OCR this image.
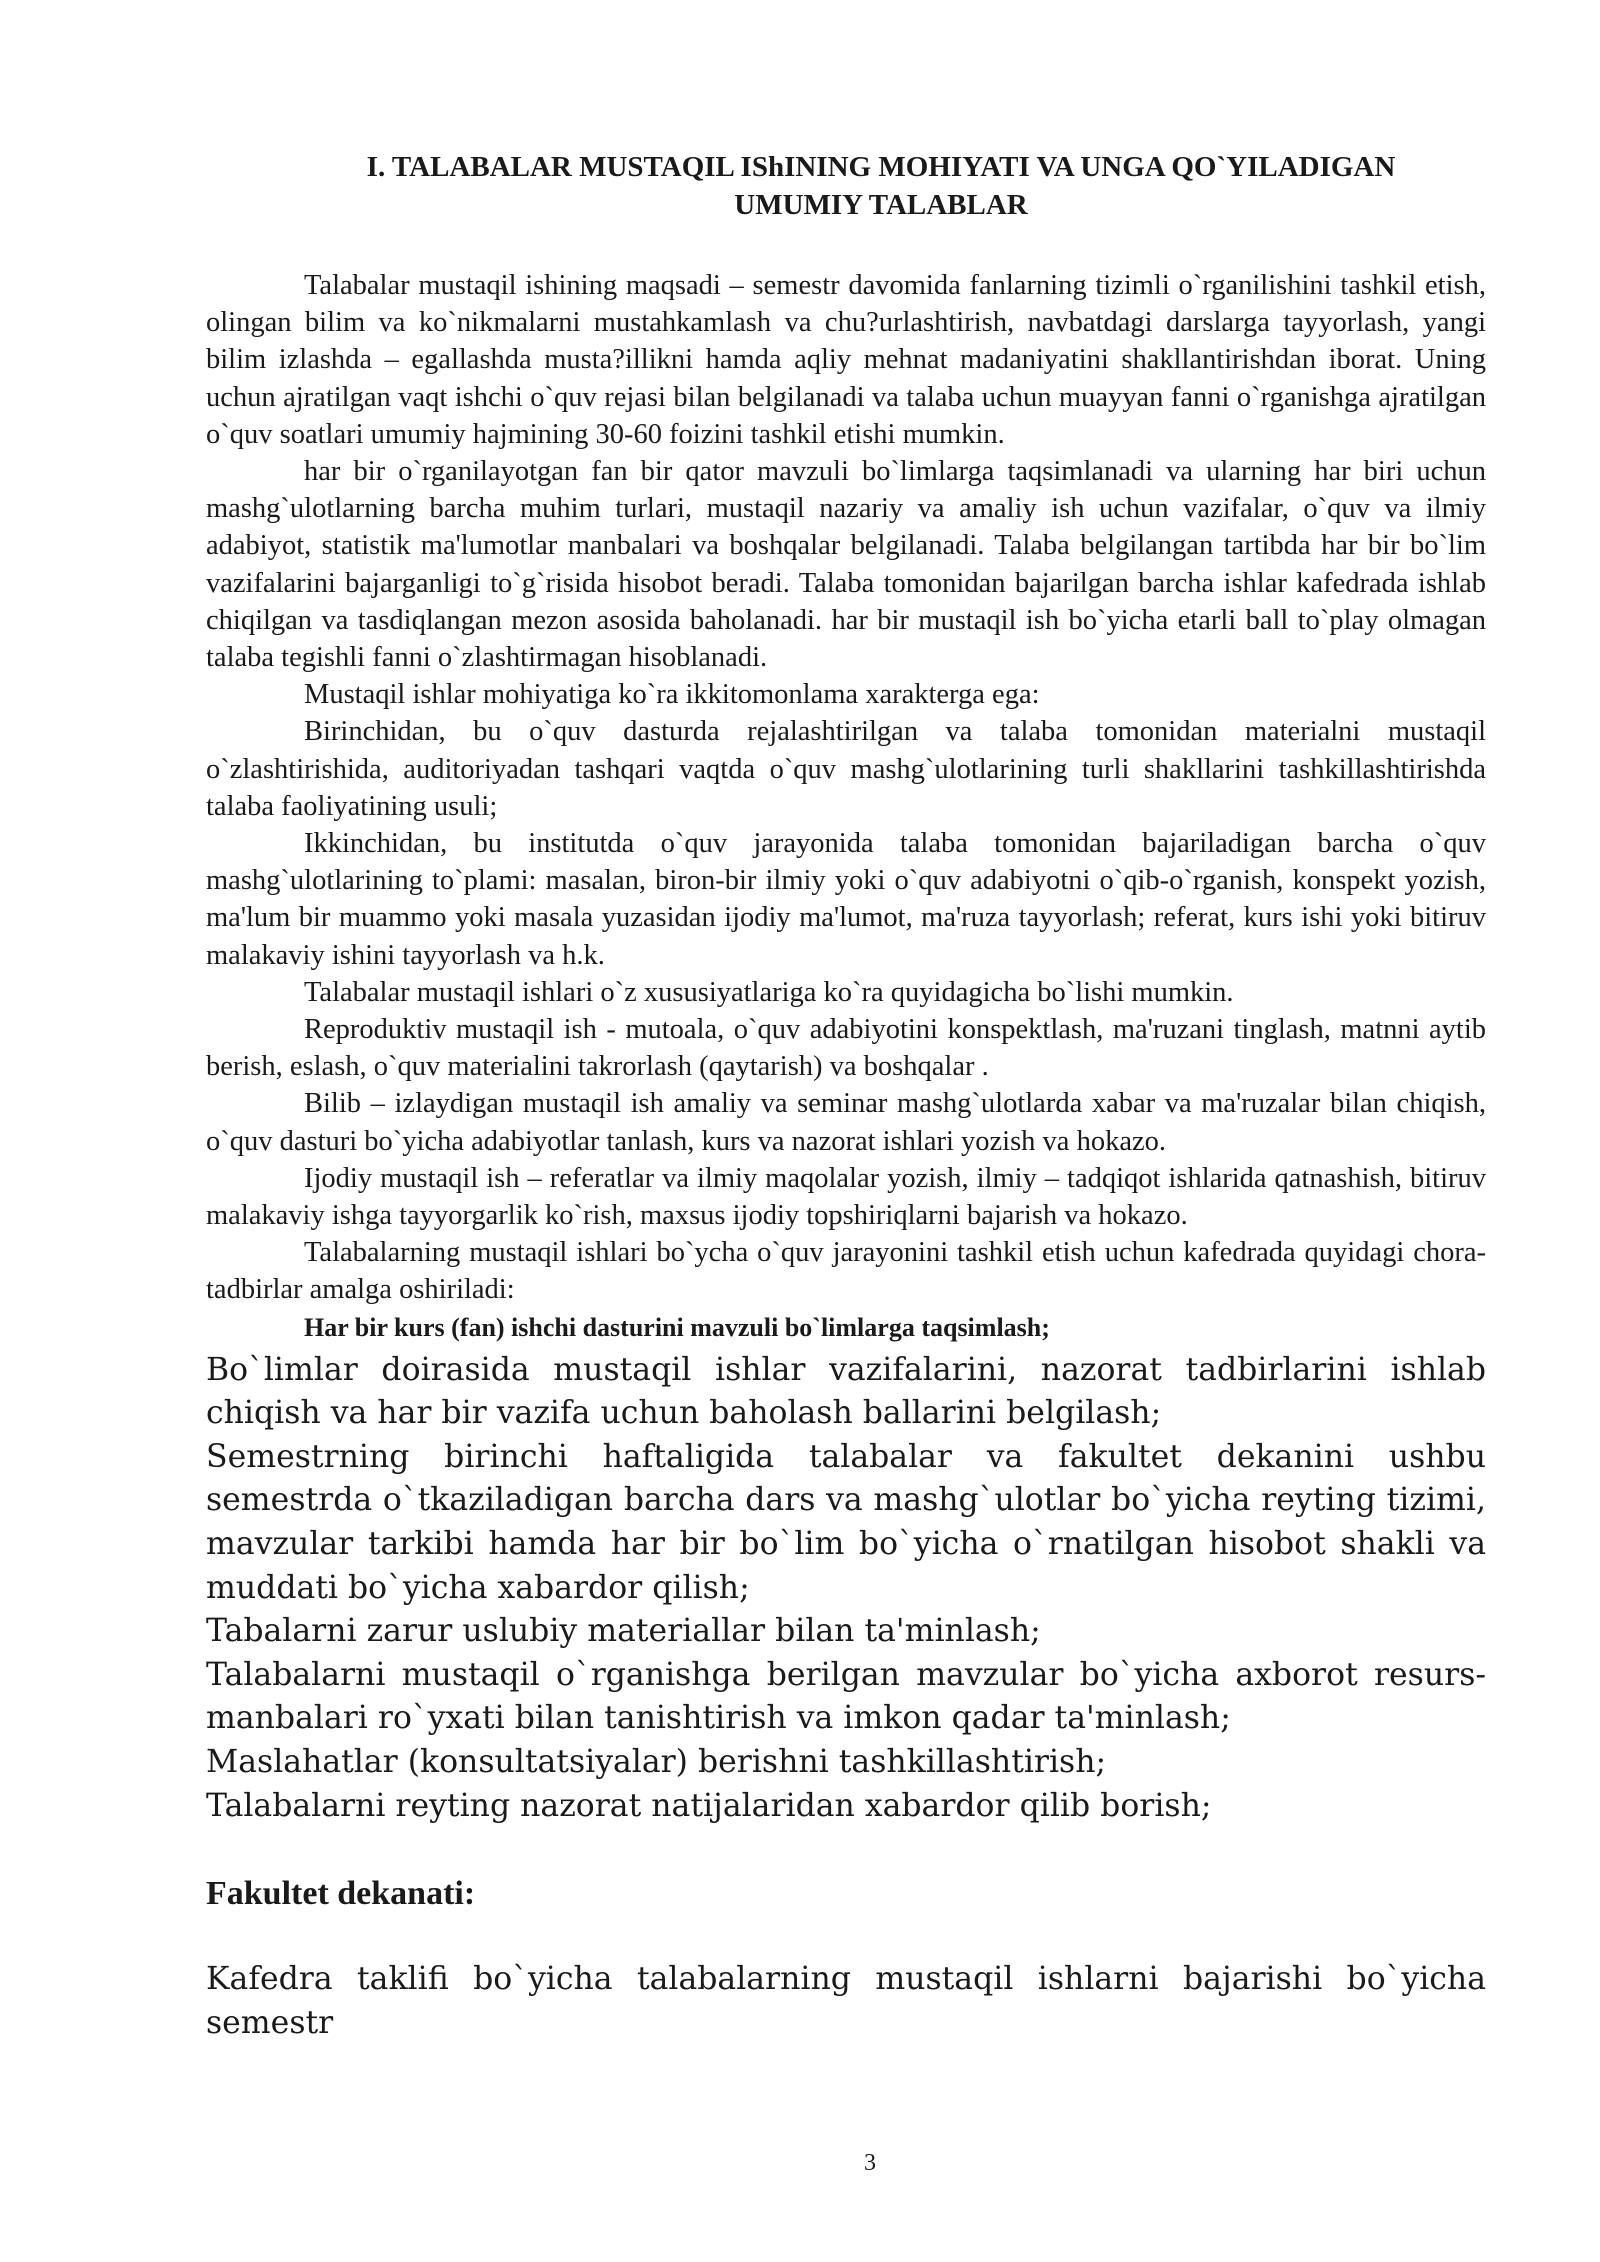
I. TALABALAR MUSTAQIL IShINING MOHIYATI VA UNGA QO`YILADIGAN
UMUMIY TALABLAR

Talabalar mustaqil ishining maqsadi – semestr davomida fanlarning tizimli o`rganilishini tashkil etish, olingan bilim va ko`nikmalarni mustahkamlash va chu?urlashtirish, navbatdagi darslarga tayyorlash, yangi bilim izlashda – egallashda musta?illikni hamda aqliy mehnat madaniyatini shakllantirishdan iborat. Uning uchun ajratilgan vaqt ishchi o`quv rejasi bilan belgilanadi va talaba uchun muayyan fanni o`rganishga ajratilgan o`quv soatlari umumiy hajmining 30-60 foizini tashkil etishi mumkin.

har bir o`rganilayotgan fan bir qator mavzuli bo`limlarga taqsimlanadi va ularning har biri uchun mashg`ulotlarning barcha muhim turlari, mustaqil nazariy va amaliy ish uchun vazifalar, o`quv va ilmiy adabiyot, statistik ma'lumotlar manbalari va boshqalar belgilanadi. Talaba belgilangan tartibda har bir bo`lim vazifalarini bajarganligi to`g`risida hisobot beradi. Talaba tomonidan bajarilgan barcha ishlar kafedrada ishlab chiqilgan va tasdiqlangan mezon asosida baholanadi. har bir mustaqil ish bo`yicha etarli ball to`play olmagan talaba tegishli fanni o`zlashtirmagan hisoblanadi.

Mustaqil ishlar mohiyatiga ko`ra ikkitomonlama xarakterga ega:

Birinchidan, bu o`quv dasturda rejalashtirilgan va talaba tomonidan materialni mustaqil o`zlashtirishida, auditoriyadan tashqari vaqtda o`quv mashg`ulotlarining turli shakllarini tashkillashtirishda talaba faoliyatining usuli;

Ikkinchidan, bu institutda o`quv jarayonida talaba tomonidan bajariladigan barcha o`quv mashg`ulotlarining to`plami: masalan, biron-bir ilmiy yoki o`quv adabiyotni o`qib-o`rganish, konspekt yozish, ma'lum bir muammo yoki masala yuzasidan ijodiy ma'lumot, ma'ruza tayyorlash; referat, kurs ishi yoki bitiruv malakaviy ishini tayyorlash va h.k.

Talabalar mustaqil ishlari o`z xususiyatlariga ko`ra quyidagicha bo`lishi mumkin.

Reproduktiv mustaqil ish - mutoala, o`quv adabiyotini konspektlash, ma'ruzani tinglash, matnni aytib berish, eslash, o`quv materialini takrorlash (qaytarish) va boshqalar .

Bilib – izlaydigan mustaqil ish amaliy va seminar mashg`ulotlarda xabar va ma'ruzalar bilan chiqish, o`quv dasturi bo`yicha adabiyotlar tanlash, kurs va nazorat ishlari yozish va hokazo.

Ijodiy mustaqil ish – referatlar va ilmiy maqolalar yozish, ilmiy – tadqiqot ishlarida qatnashish, bitiruv malakaviy ishga tayyorgarlik ko`rish, maxsus ijodiy topshiriqlarni bajarish va hokazo.

Talabalarning mustaqil ishlari bo`ycha o`quv jarayonini tashkil etish uchun kafedrada quyidagi chora-tadbirlar amalga oshiriladi:

Har bir kurs (fan) ishchi dasturini mavzuli bo`limlarga taqsimlash;

Bo`limlar doirasida mustaqil ishlar vazifalarini, nazorat tadbirlarini ishlab chiqish va har bir vazifa uchun baholash ballarini belgilash;

Semestrning birinchi haftaligida talabalar va fakultet dekanini ushbu semestrda o`tkaziladigan barcha dars va mashg`ulotlar bo`yicha reyting tizimi, mavzular tarkibi hamda har bir bo`lim bo`yicha o`rnatilgan hisobot shakli va muddati bo`yicha xabardor qilish;

Tabalarni zarur uslubiy materiallar bilan ta'minlash;

Talabalarni mustaqil o`rganishga berilgan mavzular bo`yicha axborot resurs-manbalari ro`yxati bilan tanishtirish va imkon qadar ta'minlash;

Maslahatlar (konsultatsiyalar) berishni tashkillashtirish;

Talabalarni reyting nazorat natijalaridan xabardor qilib borish;

Fakultet dekanati:

Kafedra taklifi bo`yicha talabalarning mustaqil ishlarni bajarishi bo`yicha semestr

3
